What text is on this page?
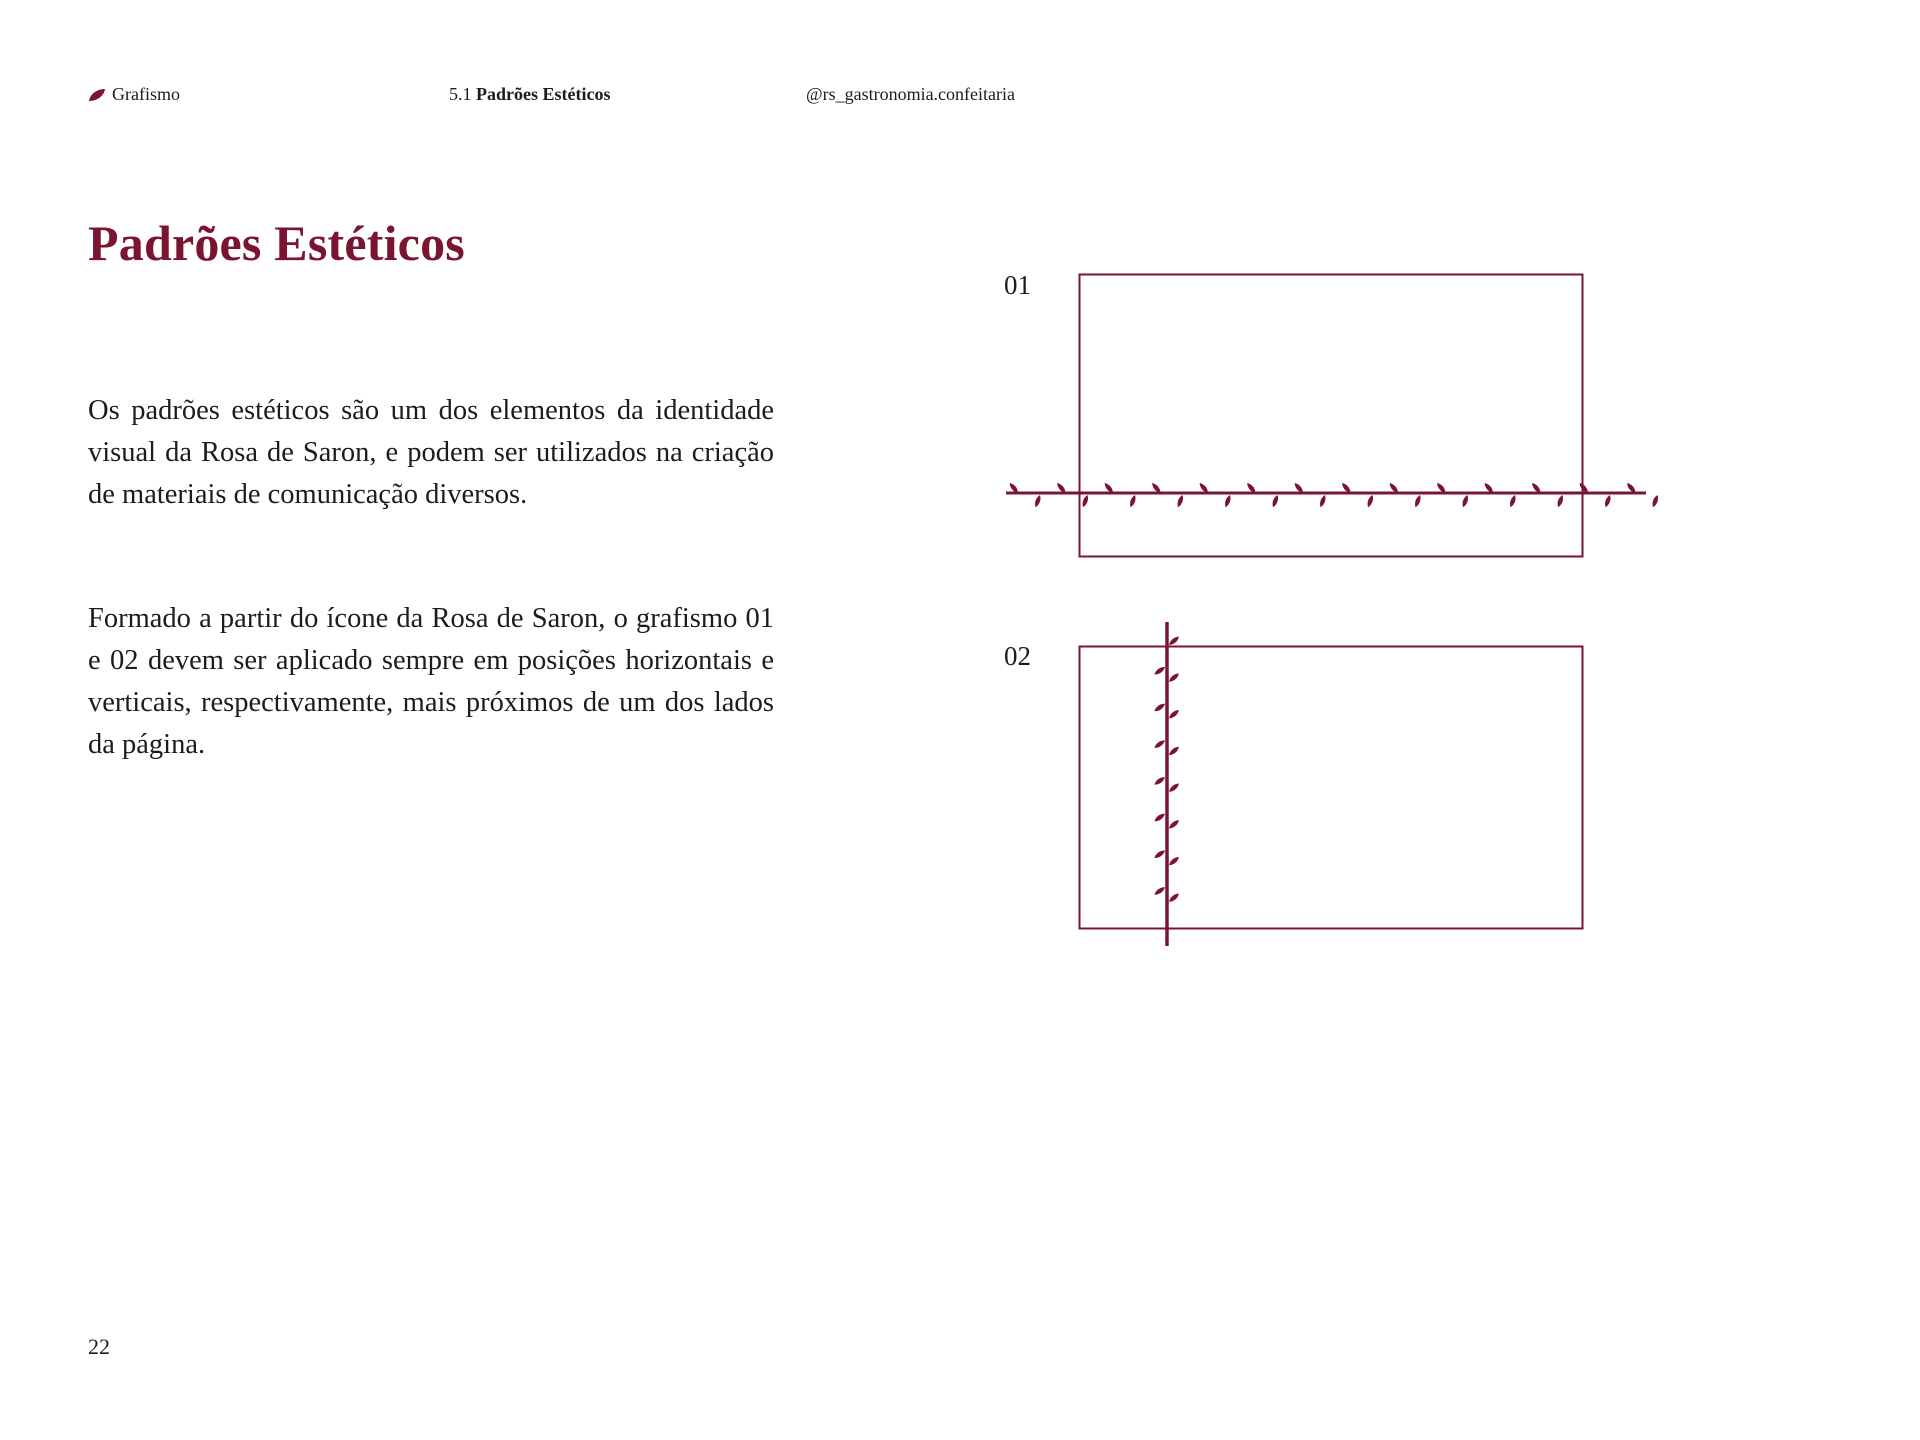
Grafismo	5.1 Padrões Estéticos	@rs_gastronomia.confeitaria
Padrões Estéticos

Os padrões estéticos são um dos elementos da identidade visual da Rosa de Saron, e podem ser utilizados na criação de materiais de comunicação diversos.

Formado a partir do ícone da Rosa de Saron, o grafismo 01 e 02 devem ser aplicado sempre em posições horizontais e verticais, respectivamente, mais próximos de um dos lados da página.

01
02
22
